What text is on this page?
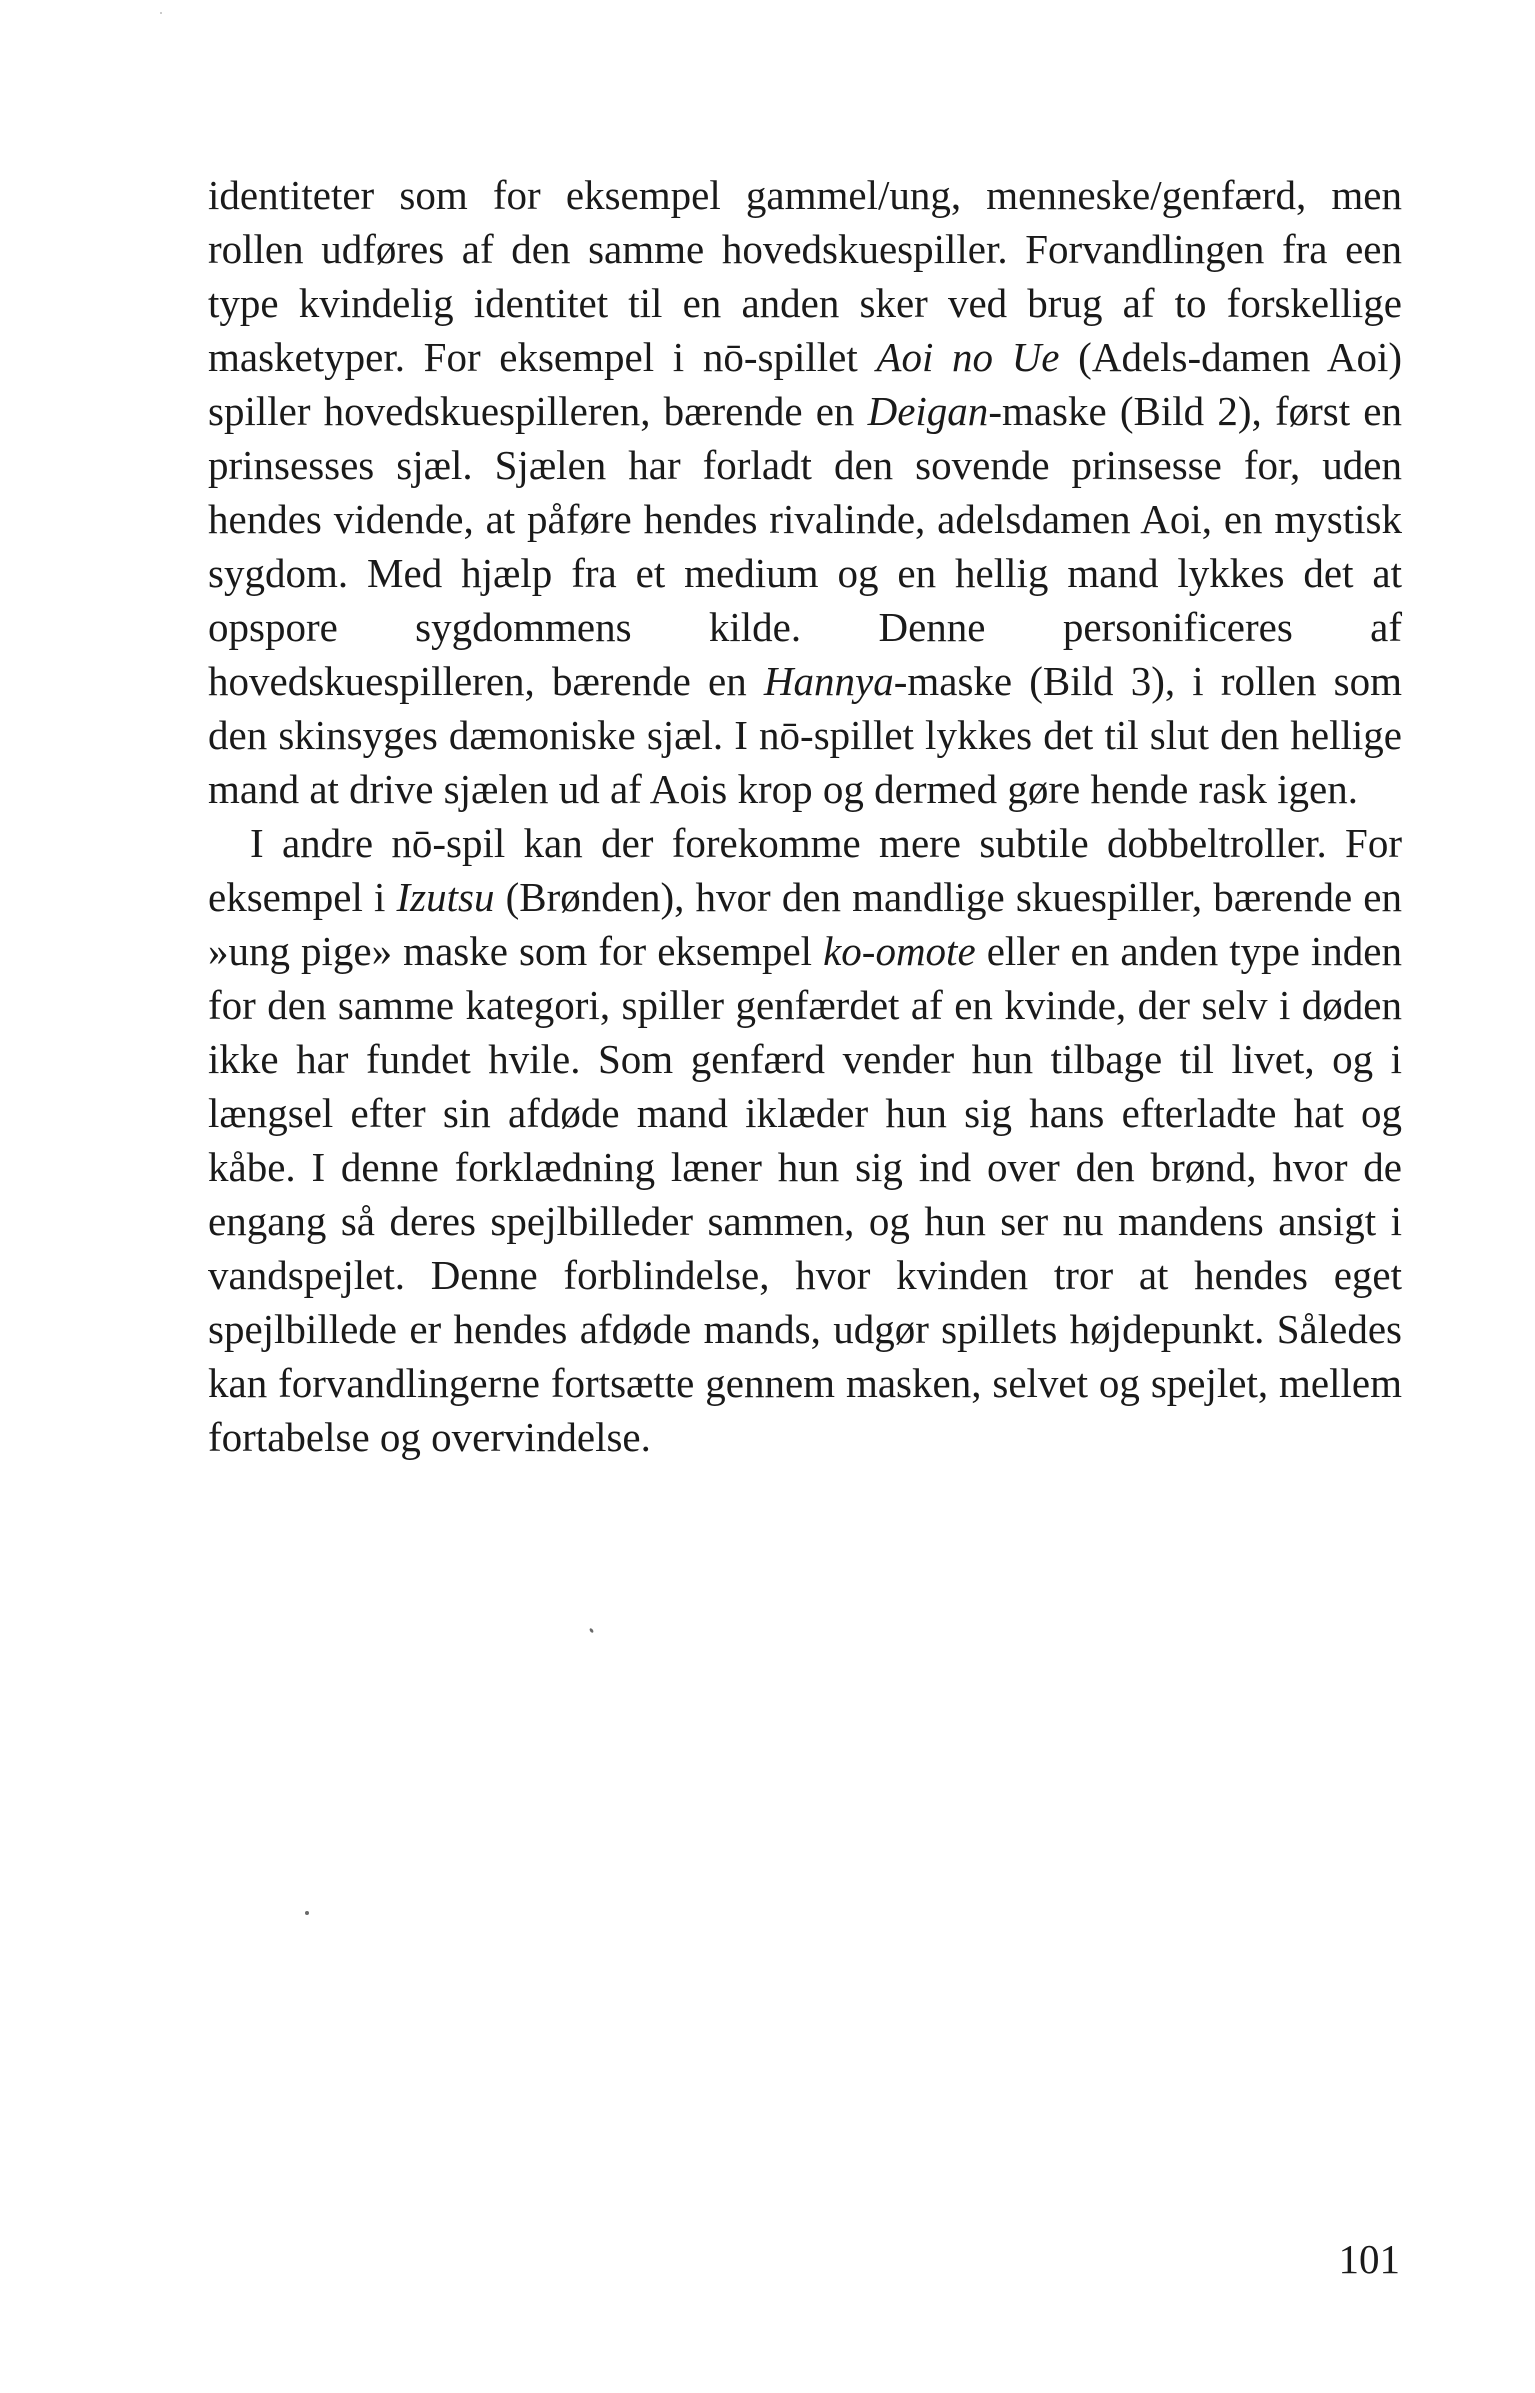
identiteter som for eksempel gammel/ung, menneske/genfærd, men rollen udføres af den samme hovedskuespiller. Forvandlingen fra een type kvindelig identitet til en anden sker ved brug af to forskellige masketyper. For eksempel i nō-spillet Aoi no Ue (Adels-damen Aoi) spiller hovedskuespilleren, bærende en Deigan-maske (Bild 2), først en prinsesses sjæl. Sjælen har forladt den sovende prinsesse for, uden hendes vidende, at påføre hendes rivalinde, adelsdamen Aoi, en mystisk sygdom. Med hjælp fra et medium og en hellig mand lykkes det at opspore sygdommens kilde. Denne personificeres af hovedskuespilleren, bærende en Hannya-maske (Bild 3), i rollen som den skinsyges dæmoniske sjæl. I nō-spillet lykkes det til slut den hellige mand at drive sjælen ud af Aois krop og dermed gøre hende rask igen.

I andre nō-spil kan der forekomme mere subtile dobbeltroller. For eksempel i Izutsu (Brønden), hvor den mandlige skuespiller, bærende en »ung pige» maske som for eksempel ko-omote eller en anden type inden for den samme kategori, spiller genfærdet af en kvinde, der selv i døden ikke har fundet hvile. Som genfærd vender hun tilbage til livet, og i længsel efter sin afdøde mand iklæder hun sig hans efterladte hat og kåbe. I denne forklædning læner hun sig ind over den brønd, hvor de engang så deres spejlbilleder sammen, og hun ser nu mandens ansigt i vandspejlet. Denne forblindelse, hvor kvinden tror at hendes eget spejlbillede er hendes afdøde mands, udgør spillets højdepunkt. Således kan forvandlingerne fortsætte gennem masken, selvet og spejlet, mellem fortabelse og overvindelse.

101
